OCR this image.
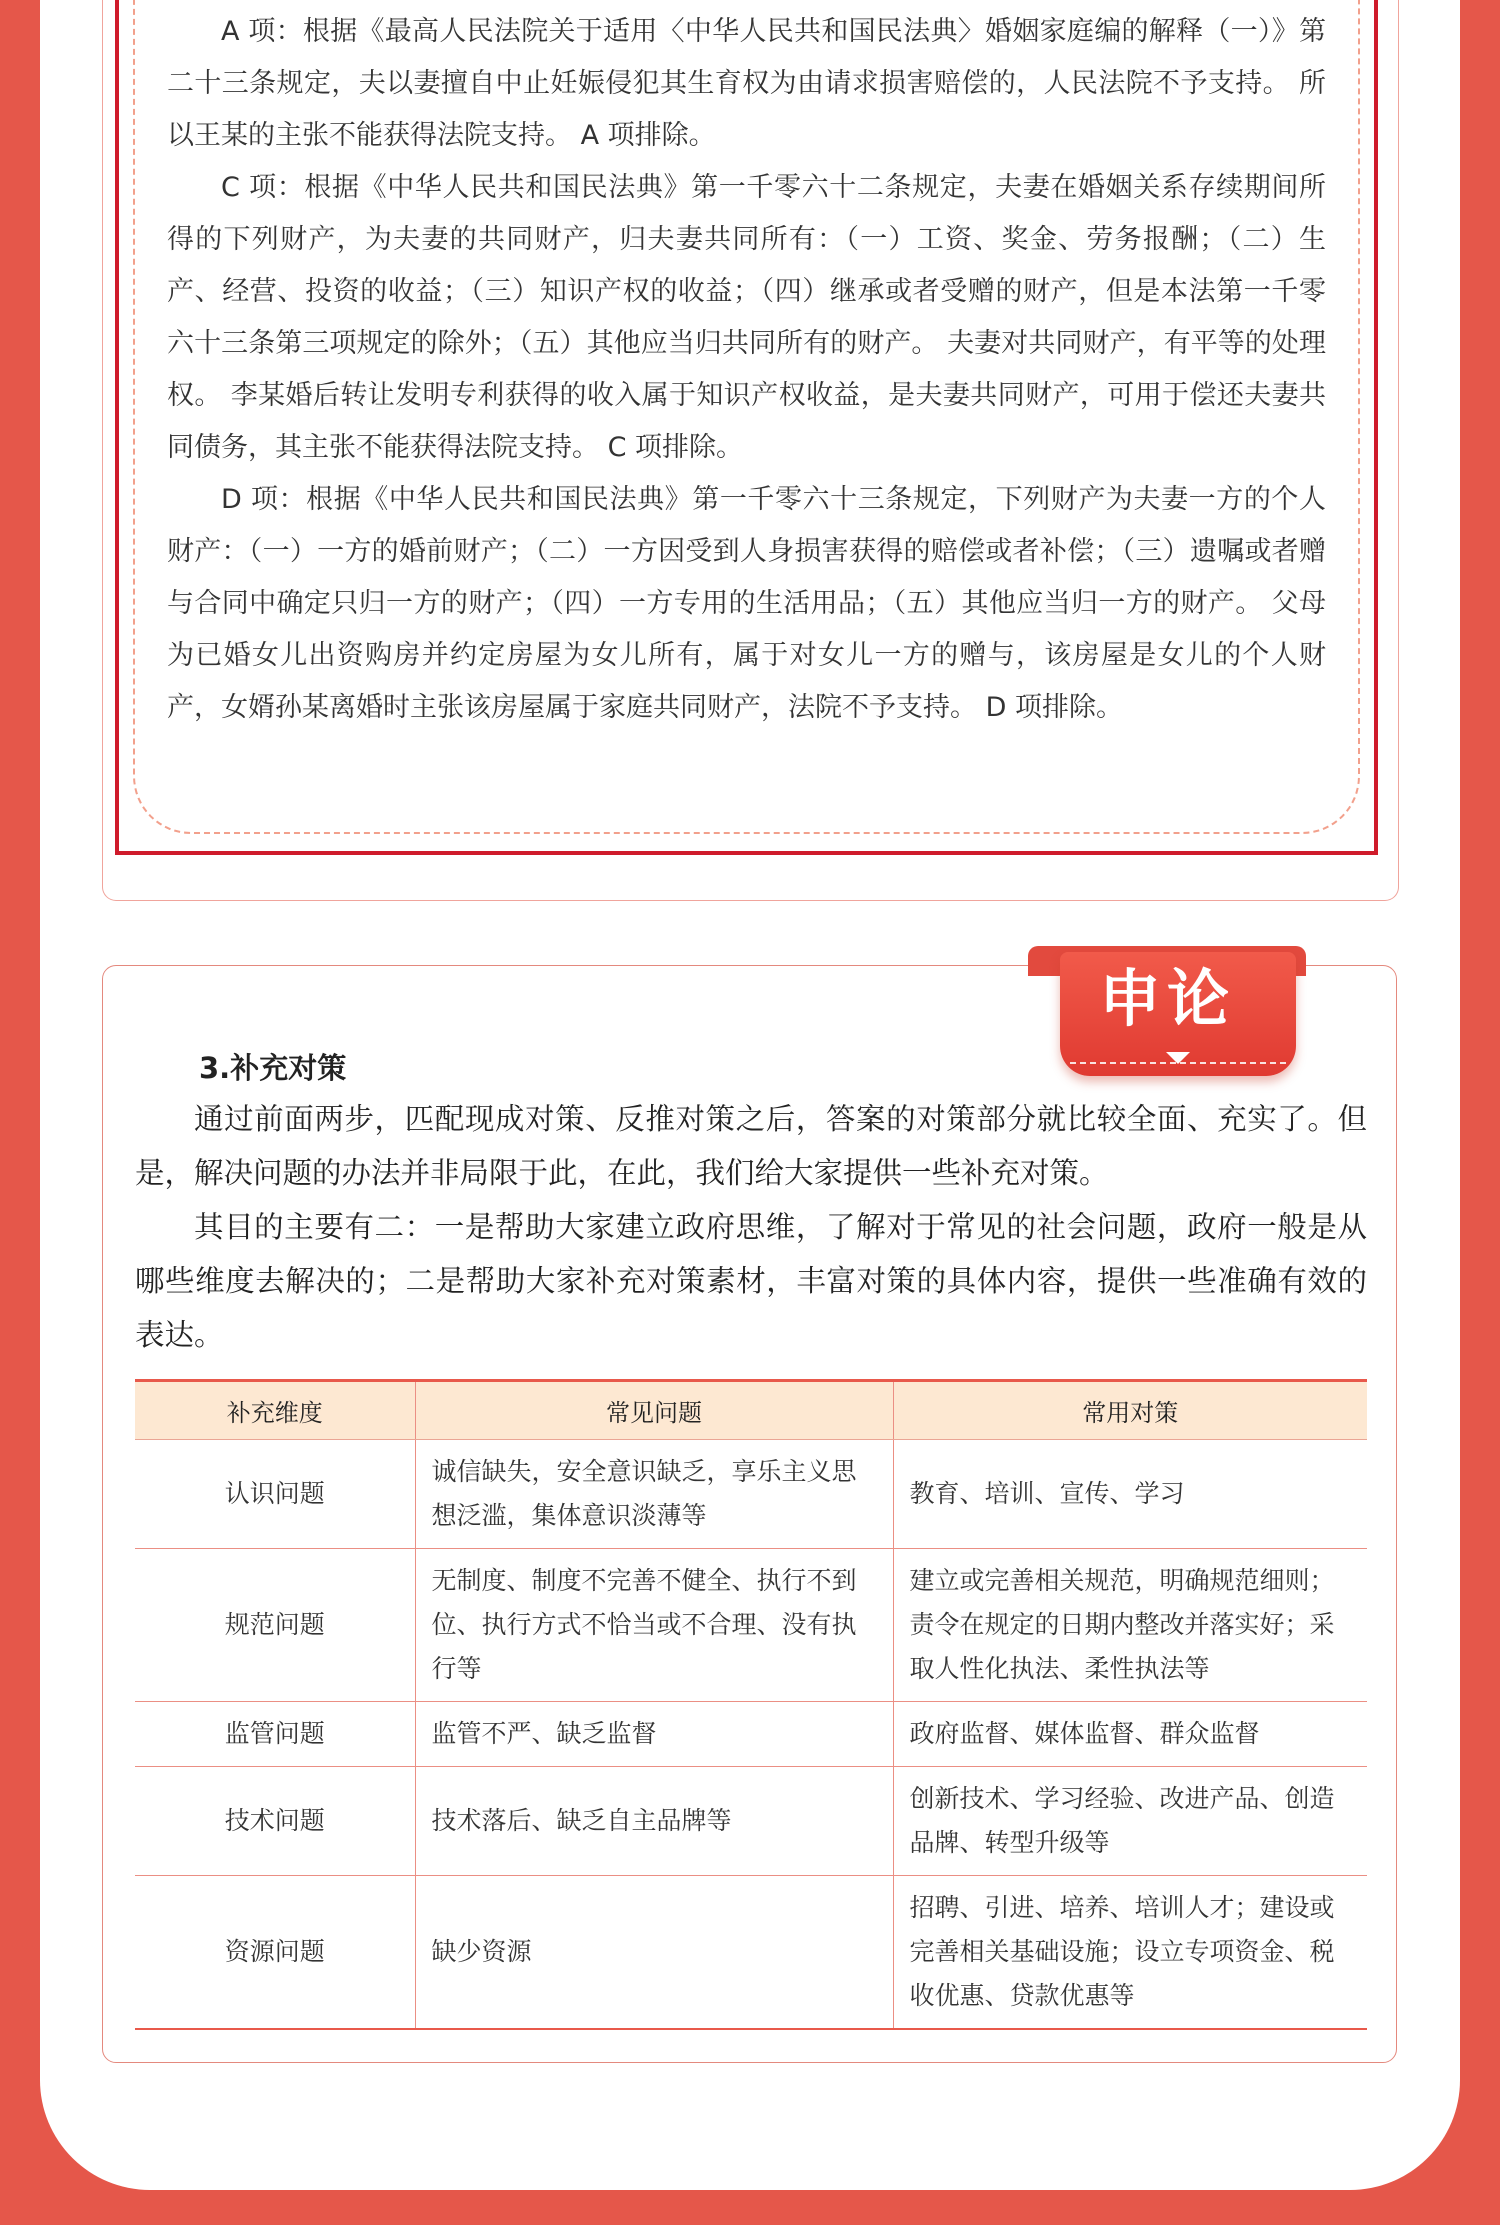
A 项：根据《最高人民法院关于适用〈中华人民共和国民法典〉婚姻家庭编的解释（一）》第二十三条规定，夫以妻擅自中止妊娠侵犯其生育权为由请求损害赔偿的，人民法院不予支持。 所以王某的主张不能获得法院支持。 A 项排除。

C 项：根据《中华人民共和国民法典》第一千零六十二条规定，夫妻在婚姻关系存续期间所得的下列财产，为夫妻的共同财产，归夫妻共同所有：（一）工资、奖金、劳务报酬；（二）生产、经营、投资的收益；（三）知识产权的收益；（四）继承或者受赠的财产，但是本法第一千零六十三条第三项规定的除外；（五）其他应当归共同所有的财产。 夫妻对共同财产，有平等的处理权。 李某婚后转让发明专利获得的收入属于知识产权收益，是夫妻共同财产，可用于偿还夫妻共同债务，其主张不能获得法院支持。 C 项排除。

D 项：根据《中华人民共和国民法典》第一千零六十三条规定，下列财产为夫妻一方的个人财产：（一）一方的婚前财产；（二）一方因受到人身损害获得的赔偿或者补偿；（三）遗嘱或者赠与合同中确定只归一方的财产；（四）一方专用的生活用品；（五）其他应当归一方的财产。 父母为已婚女儿出资购房并约定房屋为女儿所有，属于对女儿一方的赠与，该房屋是女儿的个人财产，女婿孙某离婚时主张该房屋属于家庭共同财产，法院不予支持。 D 项排除。

申论
3.补充对策

通过前面两步，匹配现成对策、反推对策之后，答案的对策部分就比较全面、充实了。但是，解决问题的办法并非局限于此，在此，我们给大家提供一些补充对策。

其目的主要有二：一是帮助大家建立政府思维，了解对于常见的社会问题，政府一般是从哪些维度去解决的；二是帮助大家补充对策素材，丰富对策的具体内容，提供一些准确有效的表达。

补充维度	常见问题	常用对策
认识问题	诚信缺失，安全意识缺乏，享乐主义思想泛滥，集体意识淡薄等	教育、培训、宣传、学习
规范问题	无制度、制度不完善不健全、执行不到位、执行方式不恰当或不合理、没有执行等	建立或完善相关规范，明确规范细则；责令在规定的日期内整改并落实好；采取人性化执法、柔性执法等
监管问题	监管不严、缺乏监督	政府监督、媒体监督、群众监督
技术问题	技术落后、缺乏自主品牌等	创新技术、学习经验、改进产品、创造品牌、转型升级等
资源问题	缺少资源	招聘、引进、培养、培训人才；建设或完善相关基础设施；设立专项资金、税收优惠、贷款优惠等
